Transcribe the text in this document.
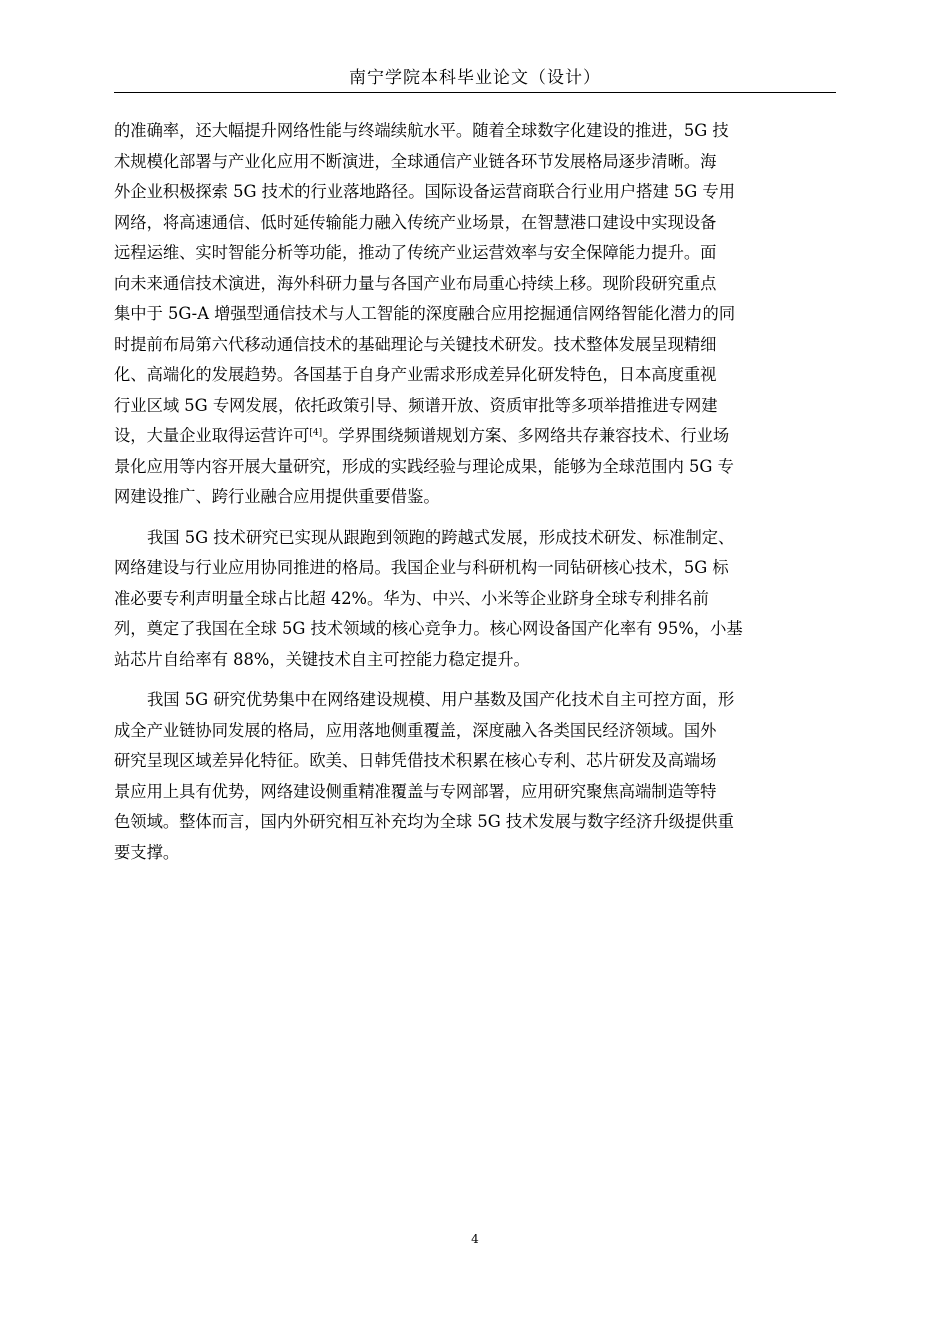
南宁学院本科毕业论文（设计）
的准确率，还大幅提升网络性能与终端续航水平。随着全球数字化建设的推进，5G 技
术规模化部署与产业化应用不断演进，全球通信产业链各环节发展格局逐步清晰。海
外企业积极探索 5G 技术的行业落地路径。国际设备运营商联合行业用户搭建 5G 专用
网络，将高速通信、低时延传输能力融入传统产业场景，在智慧港口建设中实现设备
远程运维、实时智能分析等功能，推动了传统产业运营效率与安全保障能力提升。面
向未来通信技术演进，海外科研力量与各国产业布局重心持续上移。现阶段研究重点
集中于 5G-A 增强型通信技术与人工智能的深度融合应用挖掘通信网络智能化潜力的同
时提前布局第六代移动通信技术的基础理论与关键技术研发。技术整体发展呈现精细
化、高端化的发展趋势。各国基于自身产业需求形成差异化研发特色，日本高度重视
行业区域 5G 专网发展，依托政策引导、频谱开放、资质审批等多项举措推进专网建
设，大量企业取得运营许可[4]。学界围绕频谱规划方案、多网络共存兼容技术、行业场
景化应用等内容开展大量研究，形成的实践经验与理论成果，能够为全球范围内 5G 专
网建设推广、跨行业融合应用提供重要借鉴。
我国 5G 技术研究已实现从跟跑到领跑的跨越式发展，形成技术研发、标准制定、
网络建设与行业应用协同推进的格局。我国企业与科研机构一同钻研核心技术，5G 标
准必要专利声明量全球占比超 42%。华为、中兴、小米等企业跻身全球专利排名前
列，奠定了我国在全球 5G 技术领域的核心竞争力。核心网设备国产化率有 95%，小基
站芯片自给率有 88%，关键技术自主可控能力稳定提升。
我国 5G 研究优势集中在网络建设规模、用户基数及国产化技术自主可控方面，形
成全产业链协同发展的格局，应用落地侧重覆盖，深度融入各类国民经济领域。国外
研究呈现区域差异化特征。欧美、日韩凭借技术积累在核心专利、芯片研发及高端场
景应用上具有优势，网络建设侧重精准覆盖与专网部署，应用研究聚焦高端制造等特
色领域。整体而言，国内外研究相互补充均为全球 5G 技术发展与数字经济升级提供重
要支撑。
4
